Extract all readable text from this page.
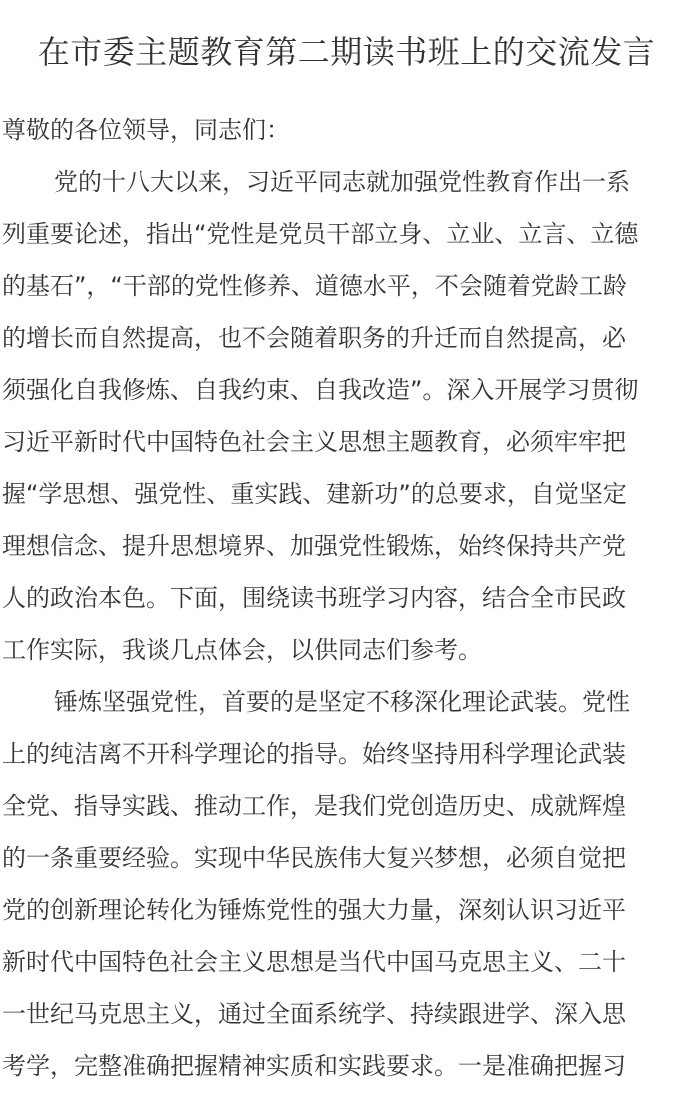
在市委主题教育第二期读书班上的交流发言
尊敬的各位领导，同志们：
党的十八大以来，习近平同志就加强党性教育作出一系
列重要论述，指出“党性是党员干部立身、立业、立言、立德
的基石”，“干部的党性修养、道德水平，不会随着党龄工龄
的增长而自然提高，也不会随着职务的升迁而自然提高，必
须强化自我修炼、自我约束、自我改造”。深入开展学习贯彻
习近平新时代中国特色社会主义思想主题教育，必须牢牢把
握“学思想、强党性、重实践、建新功”的总要求，自觉坚定
理想信念、提升思想境界、加强党性锻炼，始终保持共产党
人的政治本色。下面，围绕读书班学习内容，结合全市民政
工作实际，我谈几点体会，以供同志们参考。
锤炼坚强党性，首要的是坚定不移深化理论武装。党性
上的纯洁离不开科学理论的指导。始终坚持用科学理论武装
全党、指导实践、推动工作，是我们党创造历史、成就辉煌
的一条重要经验。实现中华民族伟大复兴梦想，必须自觉把
党的创新理论转化为锤炼党性的强大力量，深刻认识习近平
新时代中国特色社会主义思想是当代中国马克思主义、二十
一世纪马克思主义，通过全面系统学、持续跟进学、深入思
考学，完整准确把握精神实质和实践要求。一是准确把握习
